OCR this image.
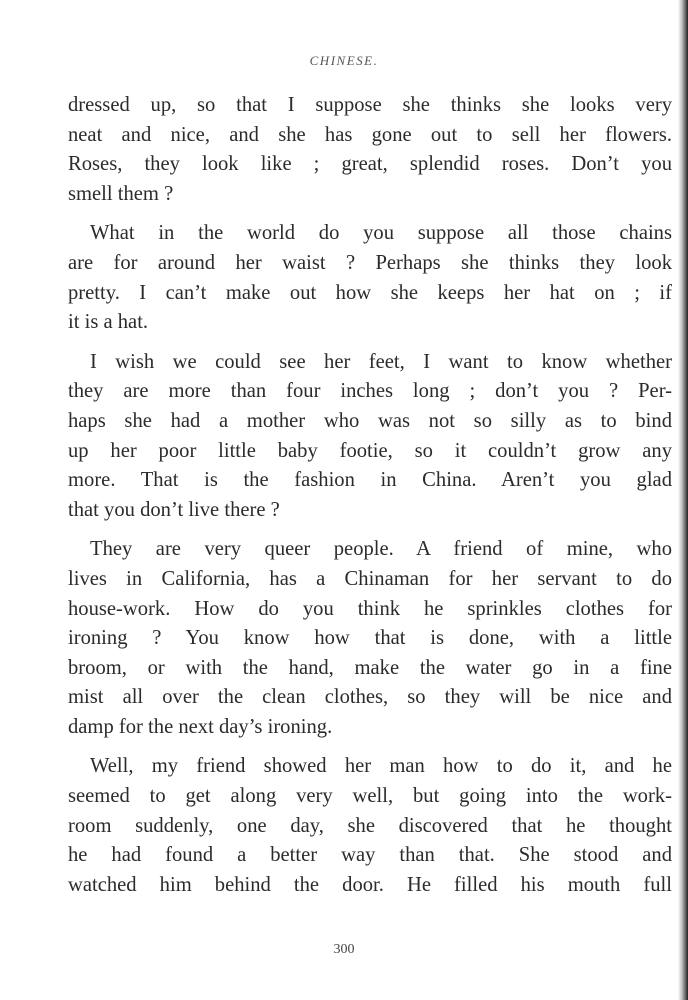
CHINESE.
dressed up, so that I suppose she thinks she looks very
neat and nice, and she has gone out to sell her flowers.
Roses, they look like ; great, splendid roses. Don’t you
smell them ?
What in the world do you suppose all those chains
are for around her waist ? Perhaps she thinks they look
pretty. I can’t make out how she keeps her hat on ; if
it is a hat.
I wish we could see her feet, I want to know whether
they are more than four inches long ; don’t you ? Per-
haps she had a mother who was not so silly as to bind
up her poor little baby footie, so it couldn’t grow any
more. That is the fashion in China. Aren’t you glad
that you don’t live there ?
They are very queer people. A friend of mine, who
lives in California, has a Chinaman for her servant to do
house-work. How do you think he sprinkles clothes for
ironing ? You know how that is done, with a little
broom, or with the hand, make the water go in a fine
mist all over the clean clothes, so they will be nice and
damp for the next day’s ironing.
Well, my friend showed her man how to do it, and he
seemed to get along very well, but going into the work-
room suddenly, one day, she discovered that he thought
he had found a better way than that. She stood and
watched him behind the door. He filled his mouth full
300
